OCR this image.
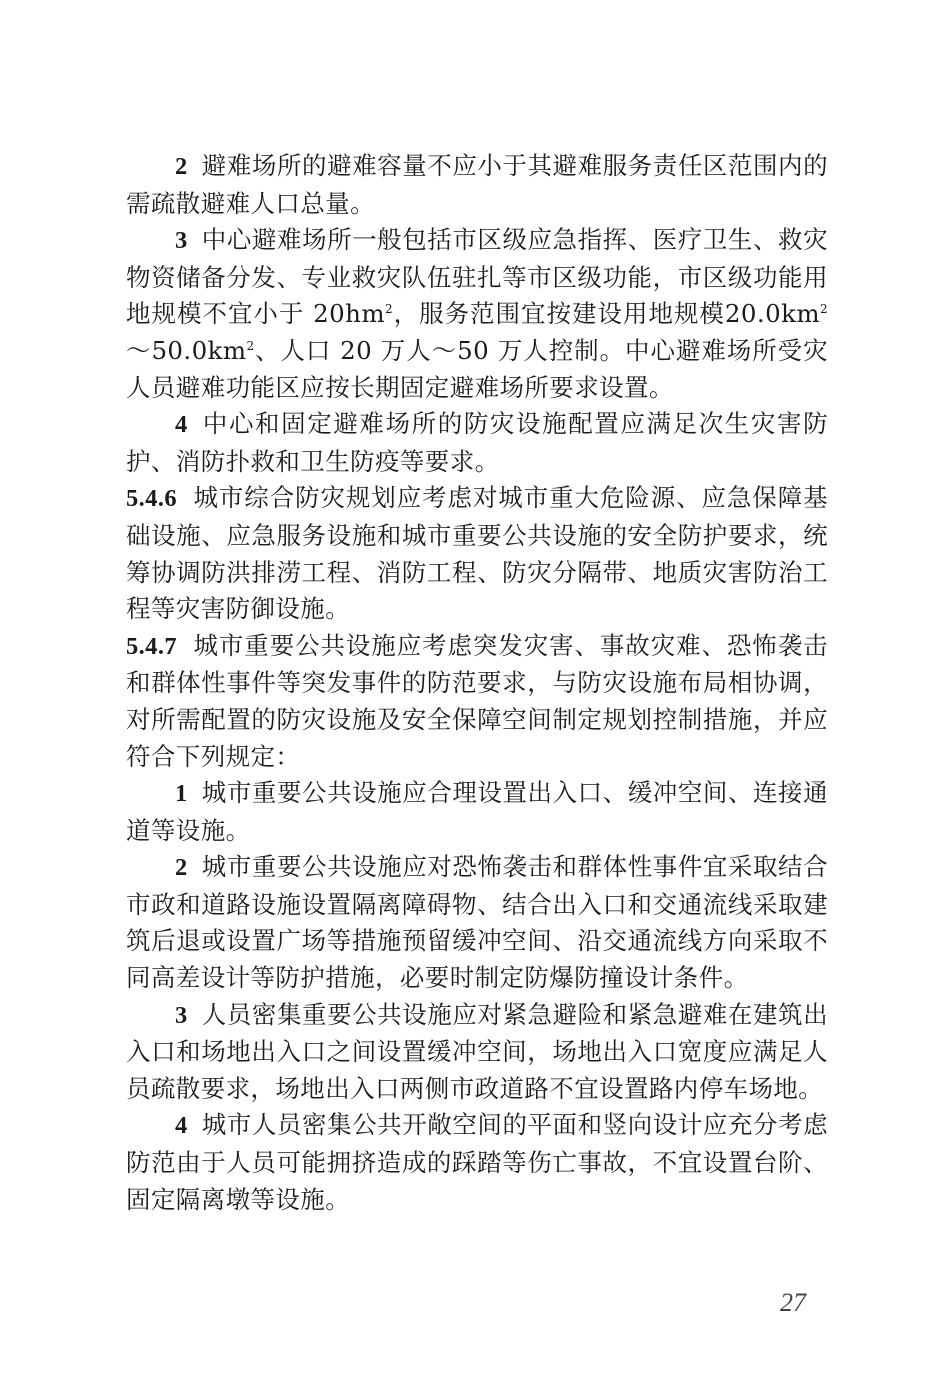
2 避难场所的避难容量不应小于其避难服务责任区范围内的需疏散避难人口总量。

3 中心避难场所一般包括市区级应急指挥、医疗卫生、救灾物资储备分发、专业救灾队伍驻扎等市区级功能，市区级功能用地规模不宜小于 $20hm^2$，服务范围宜按建设用地规模$20.0km^2\sim 50.0km^2$、人口 20 万人～50 万人控制。中心避难场所受灾人员避难功能区应按长期固定避难场所要求设置。

4 中心和固定避难场所的防灾设施配置应满足次生灾害防护、消防扑救和卫生防疫等要求。

5.4.6 城市综合防灾规划应考虑对城市重大危险源、应急保障基础设施、应急服务设施和城市重要公共设施的安全防护要求，统筹协调防洪排涝工程、消防工程、防灾分隔带、地质灾害防治工程等灾害防御设施。

5.4.7 城市重要公共设施应考虑突发灾害、事故灾难、恐怖袭击和群体性事件等突发事件的防范要求，与防灾设施布局相协调，对所需配置的防灾设施及安全保障空间制定规划控制措施，并应符合下列规定：

1 城市重要公共设施应合理设置出入口、缓冲空间、连接通道等设施。

2 城市重要公共设施应对恐怖袭击和群体性事件宜采取结合市政和道路设施设置隔离障碍物、结合出入口和交通流线采取建筑后退或设置广场等措施预留缓冲空间、沿交通流线方向采取不同高差设计等防护措施，必要时制定防爆防撞设计条件。

3 人员密集重要公共设施应对紧急避险和紧急避难在建筑出入口和场地出入口之间设置缓冲空间，场地出入口宽度应满足人员疏散要求，场地出入口两侧市政道路不宜设置路内停车场地。

4 城市人员密集公共开敞空间的平面和竖向设计应充分考虑防范由于人员可能拥挤造成的踩踏等伤亡事故，不宜设置台阶、固定隔离墩等设施。

27
